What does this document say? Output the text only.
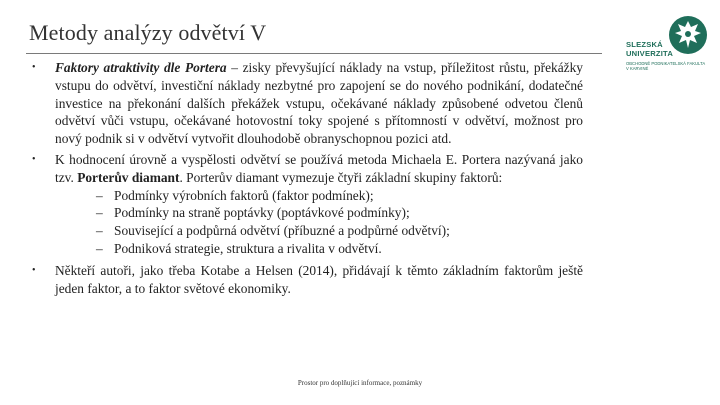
Metody analýzy odvětví V	SLEZSKÁ
UNIVERZITA
OBCHODNĚ PODNIKATELSKÁ FAKULTA V KARVINÉ

• Faktory atraktivity dle Portera – zisky převyšující náklady na vstup, příležitost růstu, překážky vstupu do odvětví, investiční náklady nezbytné pro zapojení se do nového podnikání, dodatečné investice na překonání dalších překážek vstupu, očekávané náklady způsobené odvetou členů odvětví vůči vstupu, očekávané hotovostní toky spojené s přítomností v odvětví, možnost pro nový podnik si v odvětví vytvořit dlouhodobě obranyschopnou pozici atd.

• K hodnocení úrovně a vyspělosti odvětví se používá metoda Michaela E. Portera nazývaná jako tzv. Porterův diamant. Porterův diamant vymezuje čtyři základní skupiny faktorů:
– Podmínky výrobních faktorů (faktor podmínek);
– Podmínky na straně poptávky (poptávkové podmínky);
– Související a podpůrná odvětví (příbuzné a podpůrné odvětví);
– Podniková strategie, struktura a rivalita v odvětví.

• Někteří autoři, jako třeba Kotabe a Helsen (2014), přidávají k těmto základním faktorům ještě jeden faktor, a to faktor světové ekonomiky.

Prostor pro doplňující informace, poznámky
